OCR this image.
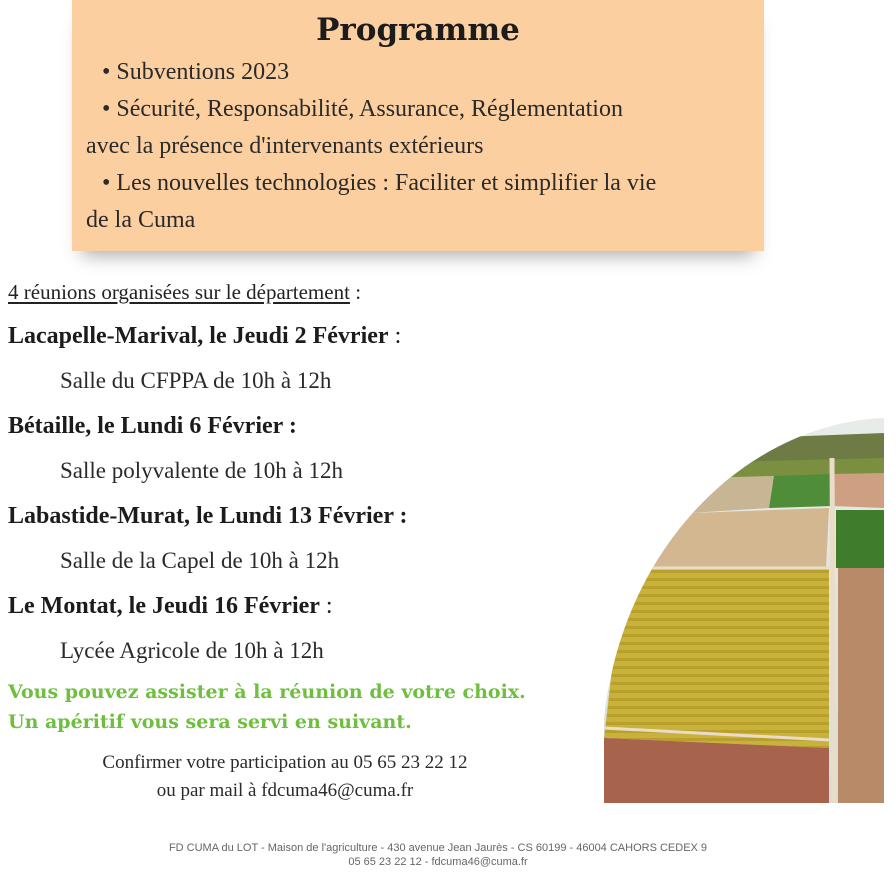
Programme
• Subventions 2023
• Sécurité, Responsabilité, Assurance, Réglementation
avec la présence d'intervenants extérieurs
• Les nouvelles technologies : Faciliter et simplifier la vie
de la Cuma
4 réunions organisées sur le département :
Lacapelle-Marival, le Jeudi 2 Février :
Salle du CFPPA de 10h à 12h
Bétaille, le Lundi 6 Février :
Salle polyvalente de 10h à 12h
Labastide-Murat, le Lundi 13 Février :
Salle de la Capel de 10h à 12h
Le Montat, le Jeudi 16 Février :
Lycée Agricole de 10h à 12h
Vous pouvez assister à la réunion de votre choix.
Un apéritif vous sera servi en suivant.
Confirmer votre participation au 05 65 23 22 12
ou par mail à fdcuma46@cuma.fr
FD CUMA du LOT - Maison de l'agriculture - 430 avenue Jean Jaurès - CS 60199 - 46004 CAHORS CEDEX 9
05 65 23 22 12 - fdcuma46@cuma.fr
